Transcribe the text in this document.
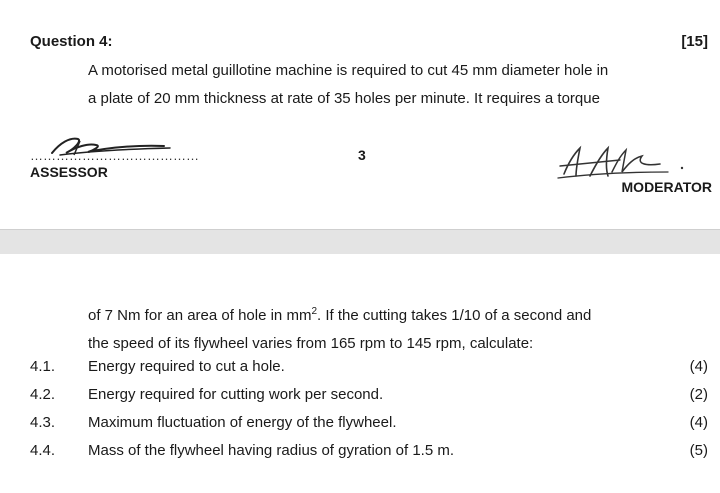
Question 4:	[15]

A motorised metal guillotine machine is required to cut 45 mm diameter hole in

a plate of 20 mm thickness at rate of 35 holes per minute. It requires a torque

…………………………………
ASSESSOR
3
MODERATOR

of 7 Nm for an area of hole in $mm^2$. If the cutting takes 1/10 of a second and

the speed of its flywheel varies from 165 rpm to 145 rpm, calculate:

4.1. Energy required to cut a hole.	(4)
4.2. Energy required for cutting work per second.	(2)
4.3. Maximum fluctuation of energy of the flywheel.	(4)
4.4. Mass of the flywheel having radius of gyration of 1.5 m.	(5)
